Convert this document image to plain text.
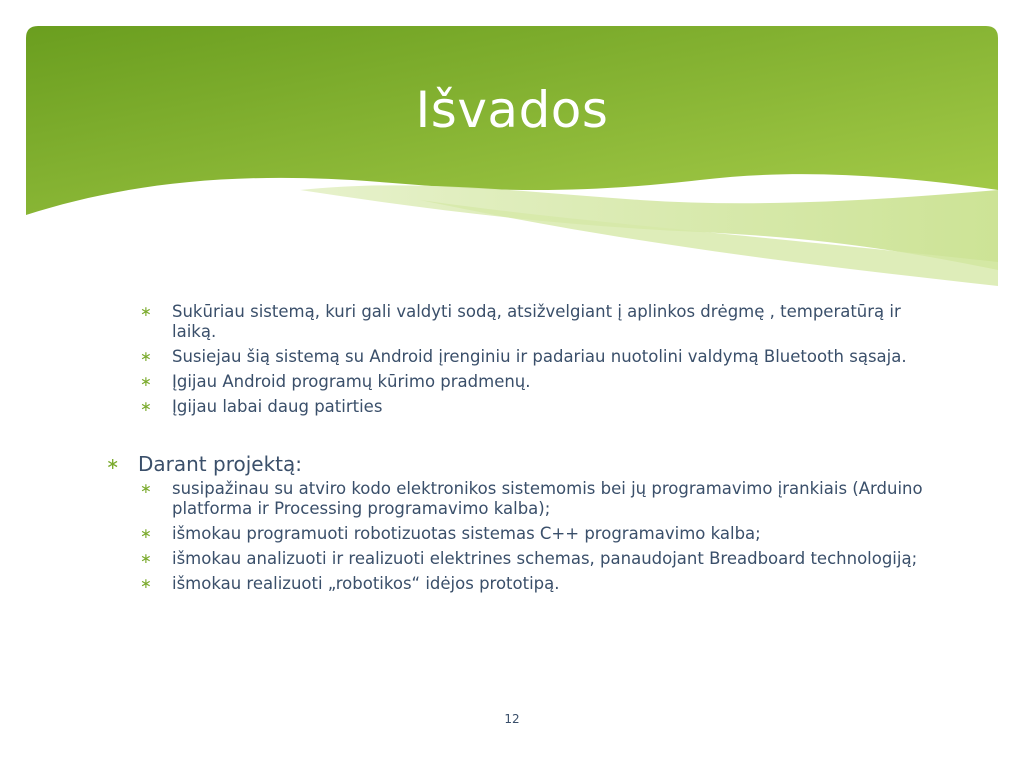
Išvados
∗ Sukūriau sistemą, kuri gali valdyti sodą, atsižvelgiant į aplinkos drėgmę , temperatūrą ir laiką.
∗ Susiejau šią sistemą su Android įrenginiu ir padariau nuotolini valdymą Bluetooth sąsaja.
∗ Įgijau Android programų kūrimo pradmenų.
∗ Įgijau labai daug patirties
∗ Darant projektą:
∗ susipažinau su atviro kodo elektronikos sistemomis bei jų programavimo įrankiais (Arduino platforma ir Processing programavimo kalba);
∗ išmokau programuoti robotizuotas sistemas C++ programavimo kalba;
∗ išmokau analizuoti ir realizuoti elektrines schemas, panaudojant Breadboard technologiją;
∗ išmokau realizuoti „robotikos“ idėjos prototipą.
12
